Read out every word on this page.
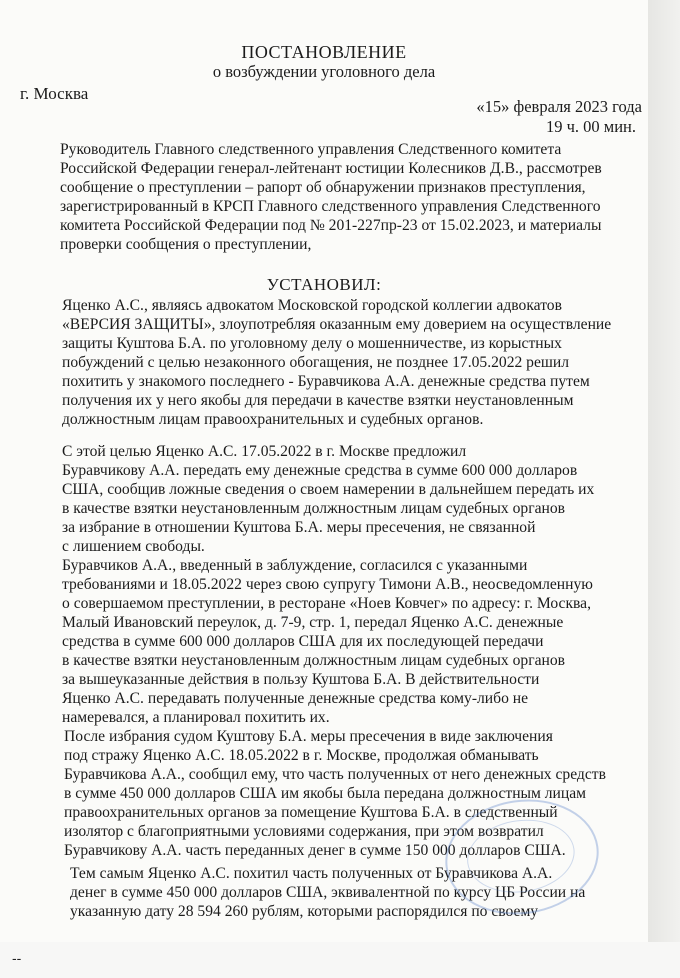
ПОСТАНОВЛЕНИЕ
о возбуждении уголовного дела
г. Москва
«15» февраля 2023 года
19 ч. 00 мин.
Руководитель Главного следственного управления Следственного комитета
Российской Федерации генерал-лейтенант юстиции Колесников Д.В., рассмотрев
сообщение о преступлении – рапорт об обнаружении признаков преступления,
зарегистрированный в КРСП Главного следственного управления Следственного
комитета Российской Федерации под № 201-227пр-23 от 15.02.2023, и материалы
проверки сообщения о преступлении,
УСТАНОВИЛ:
Яценко А.С., являясь адвокатом Московской городской коллегии адвокатов
«ВЕРСИЯ ЗАЩИТЫ», злоупотребляя оказанным ему доверием на осуществление
защиты Куштова Б.А. по уголовному делу о мошенничестве, из корыстных
побуждений с целью незаконного обогащения, не позднее 17.05.2022 решил
похитить у знакомого последнего - Буравчикова А.А. денежные средства путем
получения их у него якобы для передачи в качестве взятки неустановленным
должностным лицам правоохранительных и судебных органов.
С этой целью Яценко А.С. 17.05.2022 в г. Москве предложил
Буравчикову А.А. передать ему денежные средства в сумме 600 000 долларов
США, сообщив ложные сведения о своем намерении в дальнейшем передать их
в качестве взятки неустановленным должностным лицам судебных органов
за избрание в отношении Куштова Б.А. меры пресечения, не связанной
с лишением свободы.
Буравчиков А.А., введенный в заблуждение, согласился с указанными
требованиями и 18.05.2022 через свою супругу Тимони А.В., неосведомленную
о совершаемом преступлении, в ресторане «Ноев Ковчег» по адресу: г. Москва,
Малый Ивановский переулок, д. 7-9, стр. 1, передал Яценко А.С. денежные
средства в сумме 600 000 долларов США для их последующей передачи
в качестве взятки неустановленным должностным лицам судебных органов
за вышеуказанные действия в пользу Куштова Б.А. В действительности
Яценко А.С. передавать полученные денежные средства кому-либо не
намеревался, а планировал похитить их.
После избрания судом Куштову Б.А. меры пресечения в виде заключения
под стражу Яценко А.С. 18.05.2022 в г. Москве, продолжая обманывать
Буравчикова А.А., сообщил ему, что часть полученных от него денежных средств
в сумме 450 000 долларов США им якобы была передана должностным лицам
правоохранительных органов за помещение Куштова Б.А. в следственный
изолятор с благоприятными условиями содержания, при этом возвратил
Буравчикову А.А. часть переданных денег в сумме 150 000 долларов США.
Тем самым Яценко А.С. похитил часть полученных от Буравчикова А.А.
денег в сумме 450 000 долларов США, эквивалентной по курсу ЦБ России на
указанную дату 28 594 260 рублям, которыми распорядился по своему
--
